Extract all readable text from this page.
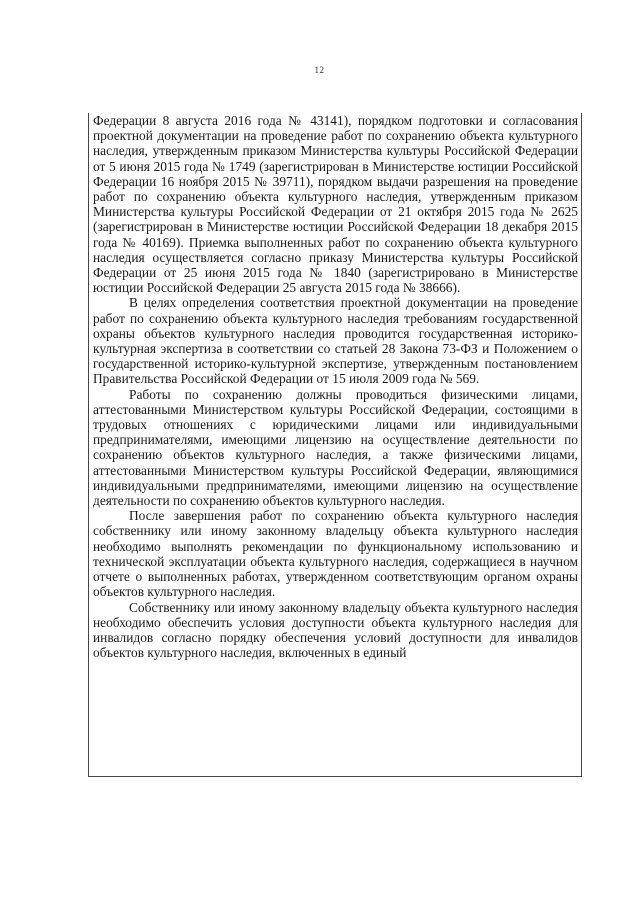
12

Федерации 8 августа 2016 года № 43141), порядком подготовки и согласования проектной документации на проведение работ по сохранению объекта культурного наследия, утвержденным приказом Министерства культуры Российской Федерации от 5 июня 2015 года № 1749 (зарегистрирован в Министерстве юстиции Российской Федерации 16 ноября 2015 № 39711), порядком выдачи разрешения на проведение работ по сохранению объекта культурного наследия, утвержденным приказом Министерства культуры Российской Федерации от 21 октября 2015 года № 2625 (зарегистрирован в Министерстве юстиции Российской Федерации 18 декабря 2015 года № 40169). Приемка выполненных работ по сохранению объекта культурного наследия осуществляется согласно приказу Министерства культуры Российской Федерации от 25 июня 2015 года № 1840 (зарегистрировано в Министерстве юстиции Российской Федерации 25 августа 2015 года № 38666).

В целях определения соответствия проектной документации на проведение работ по сохранению объекта культурного наследия требованиям государственной охраны объектов культурного наследия проводится государственная историко-культурная экспертиза в соответствии со статьей 28 Закона 73-ФЗ и Положением о государственной историко-культурной экспертизе, утвержденным постановлением Правительства Российской Федерации от 15 июля 2009 года № 569.

Работы по сохранению должны проводиться физическими лицами, аттестованными Министерством культуры Российской Федерации, состоящими в трудовых отношениях с юридическими лицами или индивидуальными предпринимателями, имеющими лицензию на осуществление деятельности по сохранению объектов культурного наследия, а также физическими лицами, аттестованными Министерством культуры Российской Федерации, являющимися индивидуальными предпринимателями, имеющими лицензию на осуществление деятельности по сохранению объектов культурного наследия.

После завершения работ по сохранению объекта культурного наследия собственнику или иному законному владельцу объекта культурного наследия необходимо выполнять рекомендации по функциональному использованию и технической эксплуатации объекта культурного наследия, содержащиеся в научном отчете о выполненных работах, утвержденном соответствующим органом охраны объектов культурного наследия.

Собственнику или иному законному владельцу объекта культурного наследия необходимо обеспечить условия доступности объекта культурного наследия для инвалидов согласно порядку обеспечения условий доступности для инвалидов объектов культурного наследия, включенных в единый
